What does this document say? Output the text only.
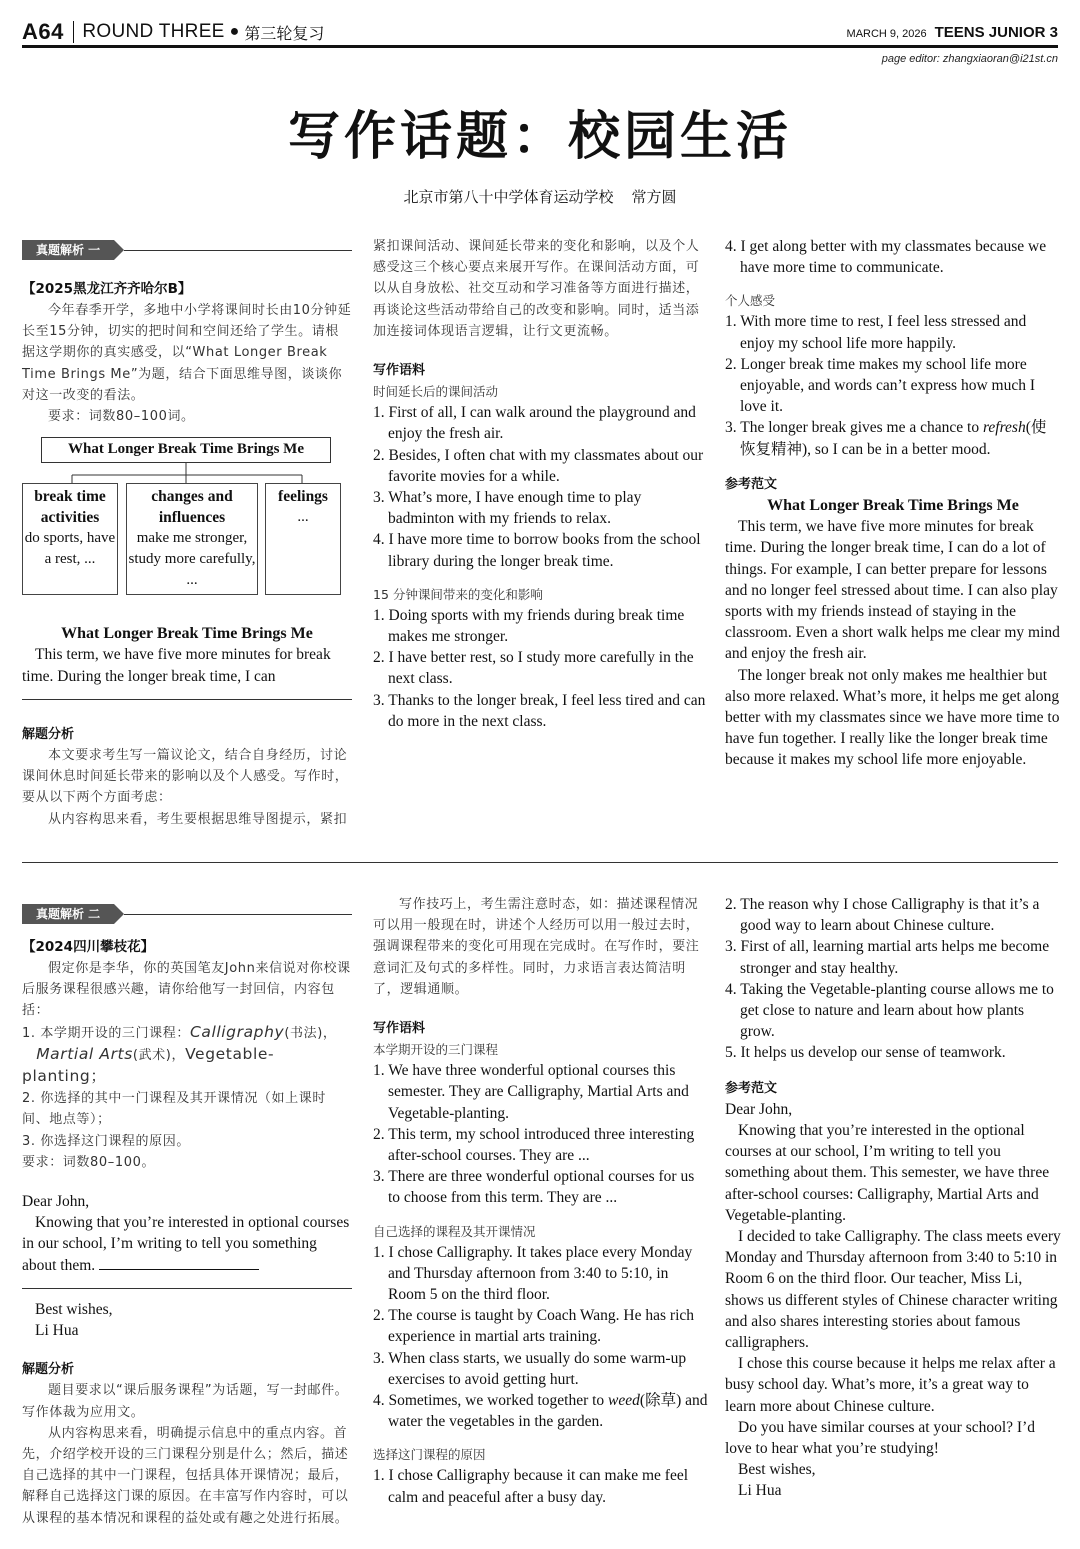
A64 ROUND THREE ● 第三轮复习	MARCH 9, 2026 TEENS JUNIOR 3
page editor: zhangxiaoran@i21st.cn
写作话题：校园生活
北京市第八十中学体育运动学校 常方圆
真题解析 一
【2025黑龙江齐齐哈尔B】

今年春季开学，多地中小学将课间时长由10分钟延长至15分钟，切实的把时间和空间还给了学生。请根据这学期你的真实感受，以“What Longer Break Time Brings Me”为题，结合下面思维导图，谈谈你对这一改变的看法。

要求：词数80–100词。

What Longer Break Time Brings Me
break time activities
do sports, have a rest, ...
changes and influences
make me stronger, study more carefully, ...
feelings
...
What Longer Break Time Brings Me

This term, we have five more minutes for break time. During the longer break time, I can

解题分析

本文要求考生写一篇议论文，结合自身经历，讨论课间休息时间延长带来的影响以及个人感受。写作时，要从以下两个方面考虑：

从内容构思来看，考生要根据思维导图提示，紧扣

紧扣课间活动、课间延长带来的变化和影响，以及个人感受这三个核心要点来展开写作。在课间活动方面，可以从自身放松、社交互动和学习准备等方面进行描述，再谈论这些活动带给自己的改变和影响。同时，适当添加连接词体现语言逻辑，让行文更流畅。

写作语料
时间延长后的课间活动
1. First of all, I can walk around the playground and enjoy the fresh air.
2. Besides, I often chat with my classmates about our favorite movies for a while.
3. What’s more, I have enough time to play badminton with my friends to relax.
4. I have more time to borrow books from the school library during the longer break time.
15 分钟课间带来的变化和影响
1. Doing sports with my friends during break time makes me stronger.
2. I have better rest, so I study more carefully in the next class.
3. Thanks to the longer break, I feel less tired and can do more in the next class.
4. I get along better with my classmates because we have more time to communicate.
个人感受
1. With more time to rest, I feel less stressed and enjoy my school life more happily.
2. Longer break time makes my school life more enjoyable, and words can’t express how much I love it.
3. The longer break gives me a chance to refresh(使恢复精神), so I can be in a better mood.
参考范文
What Longer Break Time Brings Me

This term, we have five more minutes for break time. During the longer break time, I can do a lot of things. For example, I can better prepare for lessons and no longer feel stressed about time. I can also play sports with my friends instead of staying in the classroom. Even a short walk helps me clear my mind and enjoy the fresh air.

The longer break not only makes me healthier but also more relaxed. What’s more, it helps me get along better with my classmates since we have more time to have fun together. I really like the longer break time because it makes my school life more enjoyable.

真题解析 二
【2024四川攀枝花】

假定你是李华，你的英国笔友John来信说对你校课后服务课程很感兴趣，请你给他写一封回信，内容包括：

1. 本学期开设的三门课程：Calligraphy(书法)，
Martial Arts(武术)，Vegetable-planting；

2. 你选择的其中一门课程及其开课情况（如上课时间、地点等）；

3. 你选择这门课程的原因。

要求：词数80–100。

Dear John,

Knowing that you’re interested in optional courses in our school, I’m writing to tell you something about them.

Best wishes,

Li Hua

解题分析

题目要求以“课后服务课程”为话题，写一封邮件。写作体裁为应用文。

从内容构思来看，明确提示信息中的重点内容。首先，介绍学校开设的三门课程分别是什么；然后，描述自己选择的其中一门课程，包括具体开课情况；最后，解释自己选择这门课的原因。在丰富写作内容时，可以从课程的基本情况和课程的益处或有趣之处进行拓展。

写作技巧上，考生需注意时态，如：描述课程情况可以用一般现在时，讲述个人经历可以用一般过去时，强调课程带来的变化可用现在完成时。在写作时，要注意词汇及句式的多样性。同时，力求语言表达简洁明了，逻辑通顺。

写作语料
本学期开设的三门课程
1. We have three wonderful optional courses this semester. They are Calligraphy, Martial Arts and Vegetable-planting.
2. This term, my school introduced three interesting after-school courses. They are ...
3. There are three wonderful optional courses for us to choose from this term. They are ...
自己选择的课程及其开课情况
1. I chose Calligraphy. It takes place every Monday and Thursday afternoon from 3:40 to 5:10, in Room 5 on the third floor.
2. The course is taught by Coach Wang. He has rich experience in martial arts training.
3. When class starts, we usually do some warm-up exercises to avoid getting hurt.
4. Sometimes, we worked together to weed(除草) and water the vegetables in the garden.
选择这门课程的原因
1. I chose Calligraphy because it can make me feel calm and peaceful after a busy day.
2. The reason why I chose Calligraphy is that it’s a good way to learn about Chinese culture.
3. First of all, learning martial arts helps me become stronger and stay healthy.
4. Taking the Vegetable-planting course allows me to get close to nature and learn about how plants grow.
5. It helps us develop our sense of teamwork.
参考范文

Dear John,

Knowing that you’re interested in the optional courses at our school, I’m writing to tell you something about them. This semester, we have three after-school courses: Calligraphy, Martial Arts and Vegetable-planting.

I decided to take Calligraphy. The class meets every Monday and Thursday afternoon from 3:40 to 5:10 in Room 6 on the third floor. Our teacher, Miss Li, shows us different styles of Chinese character writing and also shares interesting stories about famous calligraphers.

I chose this course because it helps me relax after a busy school day. What’s more, it’s a great way to learn more about Chinese culture.

Do you have similar courses at your school? I’d love to hear what you’re studying!

Best wishes,

Li Hua
